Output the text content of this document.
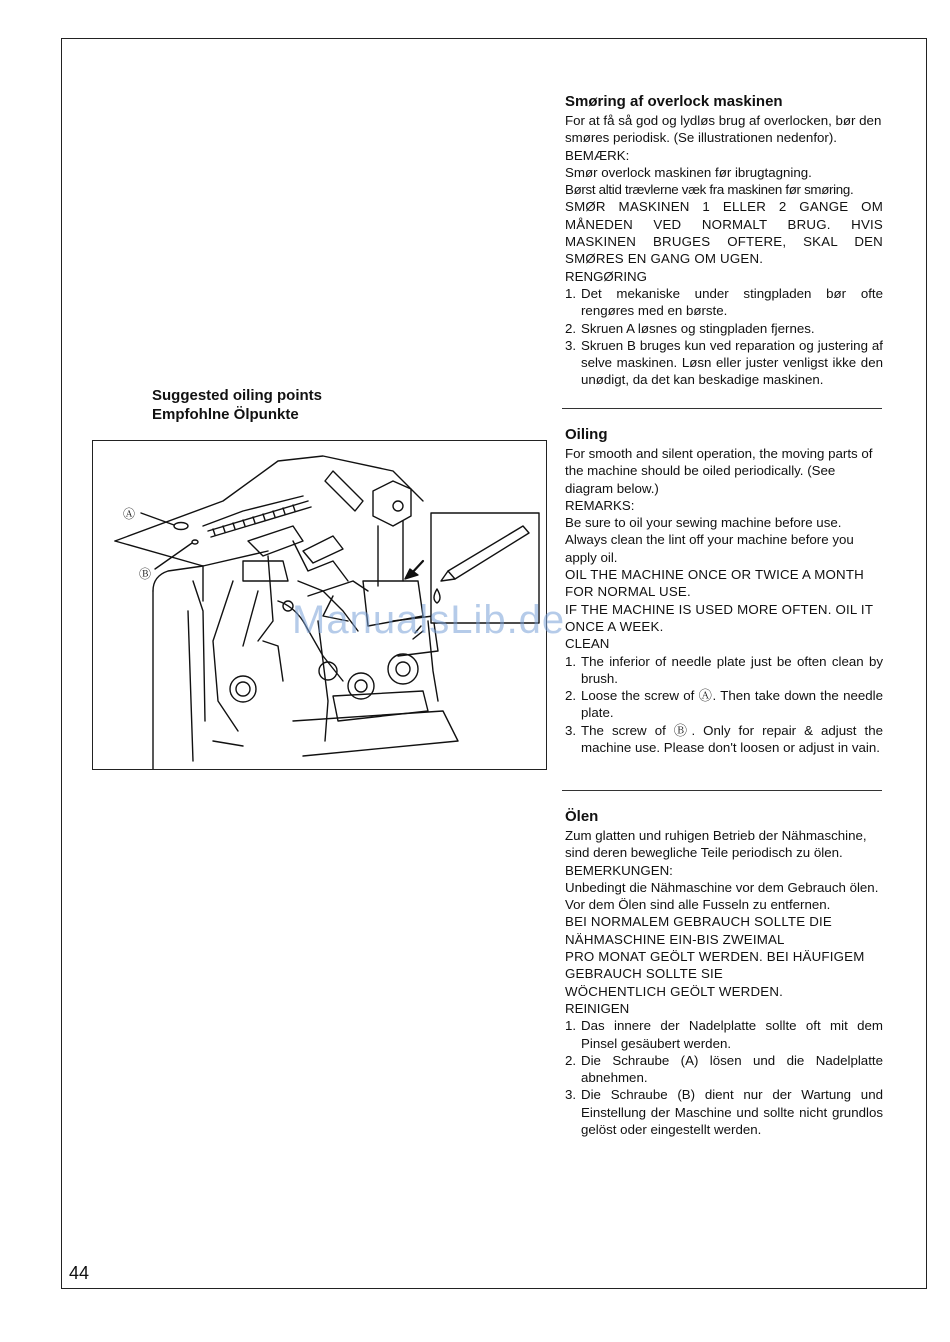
Suggested oiling points
Empfohlne Ölpunkte
Ⓐ
Ⓑ
Smøring af overlock maskinen

For at få så god og lydløs brug af overlocken, bør den smøres periodisk. (Se illustrationen nedenfor).

BEMÆRK:

Smør overlock maskinen før ibrugtagning.

Børst altid trævlerne væk fra maskinen før smøring.

SMØR MASKINEN 1 ELLER 2 GANGE OM MÅNEDEN VED NORMALT BRUG. HVIS MASKINEN BRUGES OFTERE, SKAL DEN SMØRES EN GANG OM UGEN.

RENGØRING

1. Det mekaniske under stingpladen bør ofte rengøres med en børste.
2. Skruen A løsnes og stingpladen fjernes.
3. Skruen B bruges kun ved reparation og justering af selve maskinen. Løsn eller juster venligst ikke den unødigt, da det kan beskadige maskinen.
Oiling

For smooth and silent operation, the moving parts of the machine should be oiled periodically. (See diagram below.)

REMARKS:

Be sure to oil your sewing machine before use.

Always clean the lint off your machine before you apply oil.

OIL THE MACHINE ONCE OR TWICE A MONTH FOR NORMAL USE.

IF THE MACHINE IS USED MORE OFTEN. OIL IT ONCE A WEEK.

CLEAN

1. The inferior of needle plate just be often clean by brush.
2. Loose the screw of Ⓐ. Then take down the needle plate.
3. The screw of Ⓑ. Only for repair & adjust the machine use. Please don't loosen or adjust in vain.
Ölen

Zum glatten und ruhigen Betrieb der Nähmaschine, sind deren bewegliche Teile periodisch zu ölen.

BEMERKUNGEN:

Unbedingt die Nähmaschine vor dem Gebrauch ölen.

Vor dem Ölen sind alle Fusseln zu entfernen.

BEI NORMALEM GEBRAUCH SOLLTE DIE NÄHMASCHINE EIN-BIS ZWEIMAL

PRO MONAT GEÖLT WERDEN. BEI HÄUFIGEM GEBRAUCH SOLLTE SIE

WÖCHENTLICH GEÖLT WERDEN.

REINIGEN

1. Das innere der Nadelplatte sollte oft mit dem Pinsel gesäubert werden.
2. Die Schraube (A) lösen und die Nadelplatte abnehmen.
3. Die Schraube (B) dient nur der Wartung und Einstellung der Maschine und sollte nicht grundlos gelöst oder eingestellt werden.
ManualsLib.de
44
